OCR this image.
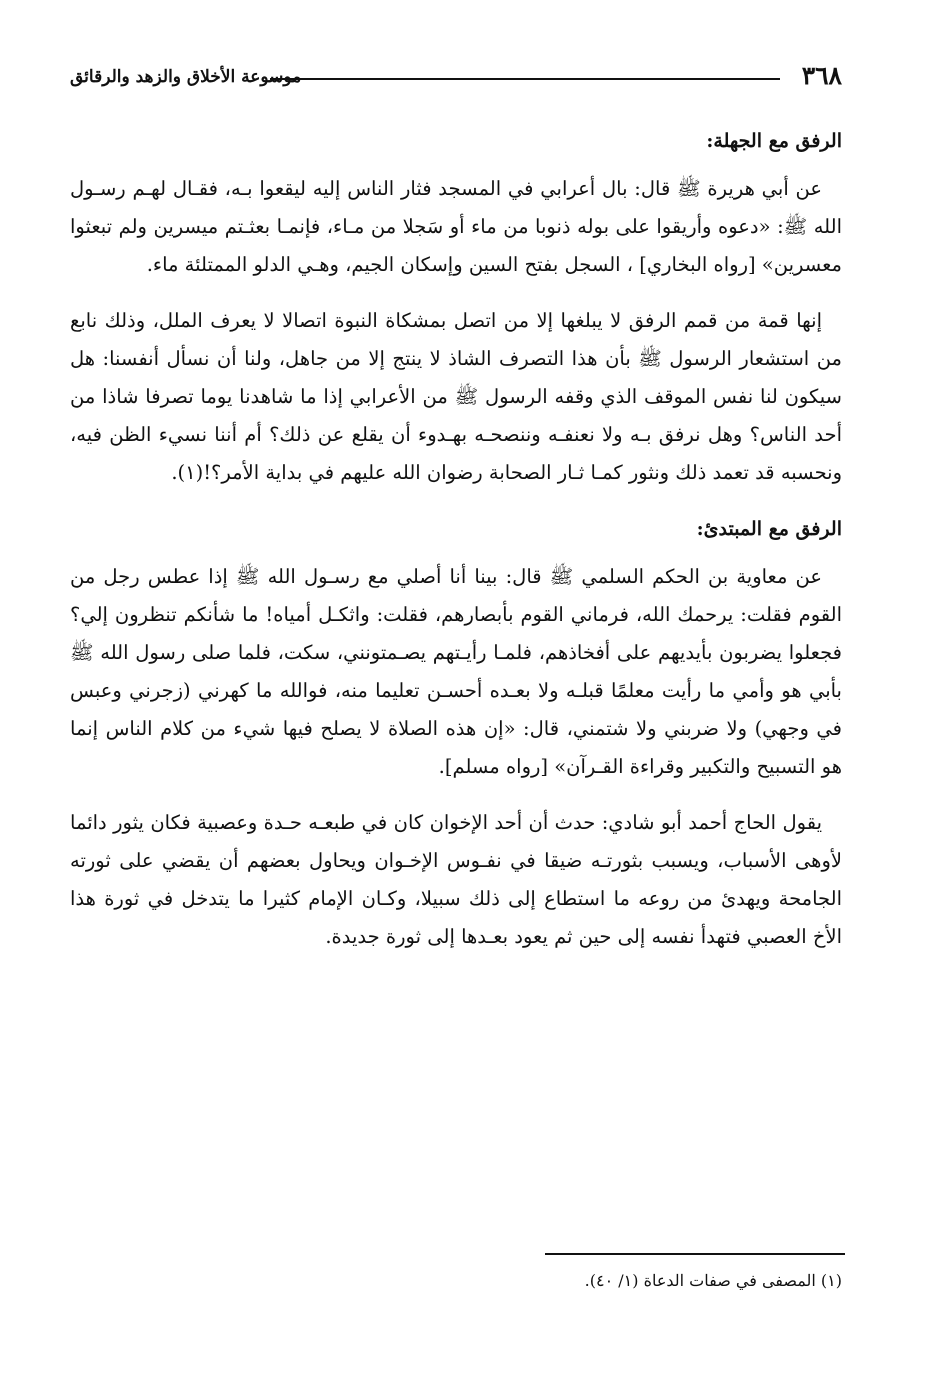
٣٦٨
موسوعة الأخلاق والزهد والرقائق
الرفق مع الجهلة:

عن أبي هريرة ﷺ قال: بال أعرابي في المسجد فثار الناس إليه ليقعوا بـه، فقـال لهـم رسـول الله ﷺ: «دعوه وأريقوا على بوله ذنوبا من ماء أو سَجلا من مـاء، فإنمـا بعثـتم ميسرين ولم تبعثوا معسرين» [رواه البخاري] ، السجل بفتح السين وإسكان الجيم، وهـي الدلو الممتلئة ماء.

إنها قمة من قمم الرفق لا يبلغها إلا من اتصل بمشكاة النبوة اتصالا لا يعرف الملل، وذلك نابع من استشعار الرسول ﷺ بأن هذا التصرف الشاذ لا ينتج إلا من جاهل، ولنا أن نسأل أنفسنا: هل سيكون لنا نفس الموقف الذي وقفه الرسول ﷺ من الأعرابي إذا ما شاهدنا يوما تصرفا شاذا من أحد الناس؟ وهل نرفق بـه ولا نعنفـه وننصحـه بهـدوء أن يقلع عن ذلك؟ أم أننا نسيء الظن فيه، ونحسبه قد تعمد ذلك ونثور كمـا ثـار الصحابة رضوان الله عليهم في بداية الأمر؟!(١).

الرفق مع المبتدئ:

عن معاوية بن الحكم السلمي ﷺ قال: بينا أنا أصلي مع رسـول الله ﷺ إذا عطس رجل من القوم فقلت: يرحمك الله، فرماني القوم بأبصارهم، فقلت: واثكـل أمياه! ما شأنكم تنظرون إلي؟ فجعلوا يضربون بأيديهم على أفخاذهم، فلمـا رأيـتهم يصـمتونني، سكت، فلما صلى رسول الله ﷺ بأبي هو وأمي ما رأيت معلمًا قبلـه ولا بعـده أحسـن تعليما منه، فوالله ما كهرني (زجرني وعبس في وجهي) ولا ضربني ولا شتمني، قال: «إن هذه الصلاة لا يصلح فيها شيء من كلام الناس إنما هو التسبيح والتكبير وقراءة القـرآن» [رواه مسلم].

يقول الحاج أحمد أبو شادي: حدث أن أحد الإخوان كان في طبعـه حـدة وعصبية فكان يثور دائما لأوهى الأسباب، ويسبب بثورتـه ضيقا في نفـوس الإخـوان ويحاول بعضهم أن يقضي على ثورته الجامحة ويهدئ من روعه ما استطاع إلى ذلك سبيلا، وكـان الإمام كثيرا ما يتدخل في ثورة هذا الأخ العصبي فتهدأ نفسه إلى حين ثم يعود بعـدها إلى ثورة جديدة.

(١) المصفى في صفات الدعاة (١/ ٤٠).
